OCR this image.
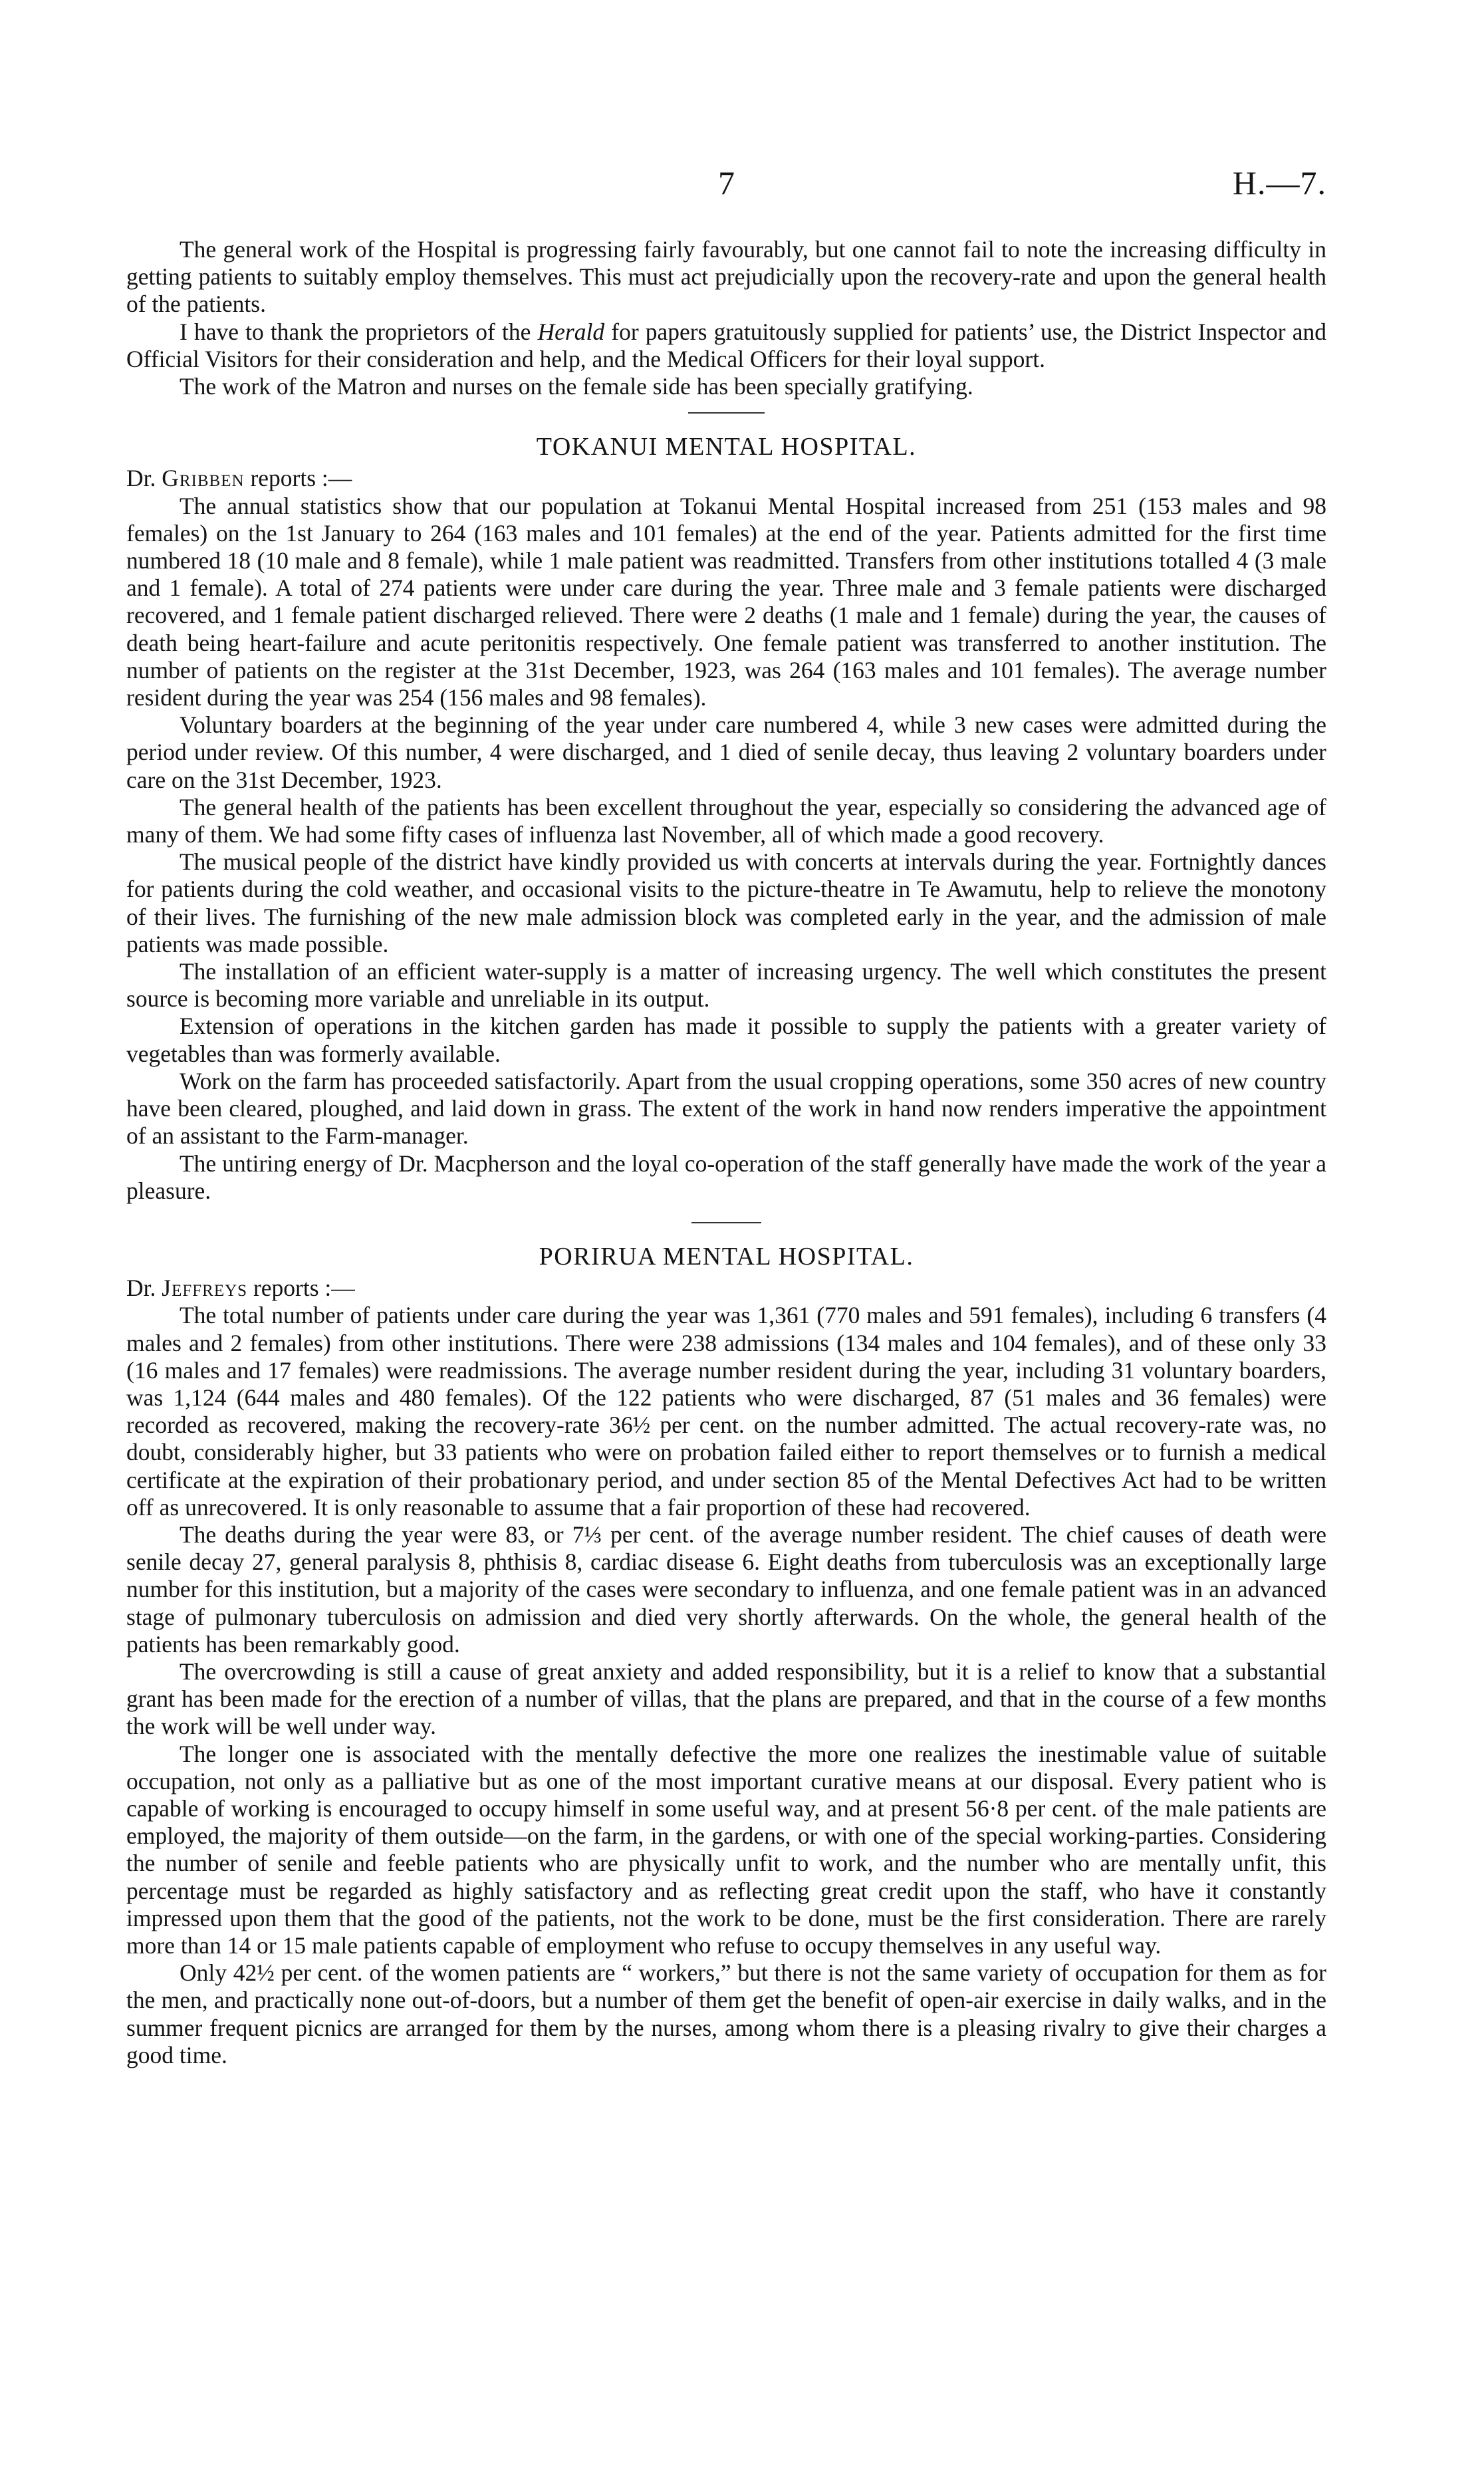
7	H.—7.

The general work of the Hospital is progressing fairly favourably, but one cannot fail to note the increasing difficulty in getting patients to suitably employ themselves. This must act prejudicially upon the recovery-rate and upon the general health of the patients.

I have to thank the proprietors of the Herald for papers gratuitously supplied for patients’ use, the District Inspector and Official Visitors for their consideration and help, and the Medical Officers for their loyal support.

The work of the Matron and nurses on the female side has been specially gratifying.

TOKANUI MENTAL HOSPITAL.

Dr. Gribben reports :—

The annual statistics show that our population at Tokanui Mental Hospital increased from 251 (153 males and 98 females) on the 1st January to 264 (163 males and 101 females) at the end of the year. Patients admitted for the first time numbered 18 (10 male and 8 female), while 1 male patient was readmitted. Transfers from other institutions totalled 4 (3 male and 1 female). A total of 274 patients were under care during the year. Three male and 3 female patients were discharged recovered, and 1 female patient discharged relieved. There were 2 deaths (1 male and 1 female) during the year, the causes of death being heart-failure and acute peritonitis respectively. One female patient was transferred to another institution. The number of patients on the register at the 31st December, 1923, was 264 (163 males and 101 females). The average number resident during the year was 254 (156 males and 98 females).

Voluntary boarders at the beginning of the year under care numbered 4, while 3 new cases were admitted during the period under review. Of this number, 4 were discharged, and 1 died of senile decay, thus leaving 2 voluntary boarders under care on the 31st December, 1923.

The general health of the patients has been excellent throughout the year, especially so considering the advanced age of many of them. We had some fifty cases of influenza last November, all of which made a good recovery.

The musical people of the district have kindly provided us with concerts at intervals during the year. Fortnightly dances for patients during the cold weather, and occasional visits to the picture-theatre in Te Awamutu, help to relieve the monotony of their lives. The furnishing of the new male admission block was completed early in the year, and the admission of male patients was made possible.

The installation of an efficient water-supply is a matter of increasing urgency. The well which constitutes the present source is becoming more variable and unreliable in its output.

Extension of operations in the kitchen garden has made it possible to supply the patients with a greater variety of vegetables than was formerly available.

Work on the farm has proceeded satisfactorily. Apart from the usual cropping operations, some 350 acres of new country have been cleared, ploughed, and laid down in grass. The extent of the work in hand now renders imperative the appointment of an assistant to the Farm-manager.

The untiring energy of Dr. Macpherson and the loyal co-operation of the staff generally have made the work of the year a pleasure.

PORIRUA MENTAL HOSPITAL.

Dr. Jeffreys reports :—

The total number of patients under care during the year was 1,361 (770 males and 591 females), including 6 transfers (4 males and 2 females) from other institutions. There were 238 admissions (134 males and 104 females), and of these only 33 (16 males and 17 females) were readmissions. The average number resident during the year, including 31 voluntary boarders, was 1,124 (644 males and 480 females). Of the 122 patients who were discharged, 87 (51 males and 36 females) were recorded as recovered, making the recovery-rate 36½ per cent. on the number admitted. The actual recovery-rate was, no doubt, considerably higher, but 33 patients who were on probation failed either to report themselves or to furnish a medical certificate at the expiration of their probationary period, and under section 85 of the Mental Defectives Act had to be written off as unrecovered. It is only reasonable to assume that a fair proportion of these had recovered.

The deaths during the year were 83, or 7⅓ per cent. of the average number resident. The chief causes of death were senile decay 27, general paralysis 8, phthisis 8, cardiac disease 6. Eight deaths from tuberculosis was an exceptionally large number for this institution, but a majority of the cases were secondary to influenza, and one female patient was in an advanced stage of pulmonary tuberculosis on admission and died very shortly afterwards. On the whole, the general health of the patients has been remarkably good.

The overcrowding is still a cause of great anxiety and added responsibility, but it is a relief to know that a substantial grant has been made for the erection of a number of villas, that the plans are prepared, and that in the course of a few months the work will be well under way.

The longer one is associated with the mentally defective the more one realizes the inestimable value of suitable occupation, not only as a palliative but as one of the most important curative means at our disposal. Every patient who is capable of working is encouraged to occupy himself in some useful way, and at present 56·8 per cent. of the male patients are employed, the majority of them outside—on the farm, in the gardens, or with one of the special working-parties. Considering the number of senile and feeble patients who are physically unfit to work, and the number who are mentally unfit, this percentage must be regarded as highly satisfactory and as reflecting great credit upon the staff, who have it constantly impressed upon them that the good of the patients, not the work to be done, must be the first consideration. There are rarely more than 14 or 15 male patients capable of employment who refuse to occupy themselves in any useful way.

Only 42½ per cent. of the women patients are “ workers,” but there is not the same variety of occupation for them as for the men, and practically none out-of-doors, but a number of them get the benefit of open-air exercise in daily walks, and in the summer frequent picnics are arranged for them by the nurses, among whom there is a pleasing rivalry to give their charges a good time.
